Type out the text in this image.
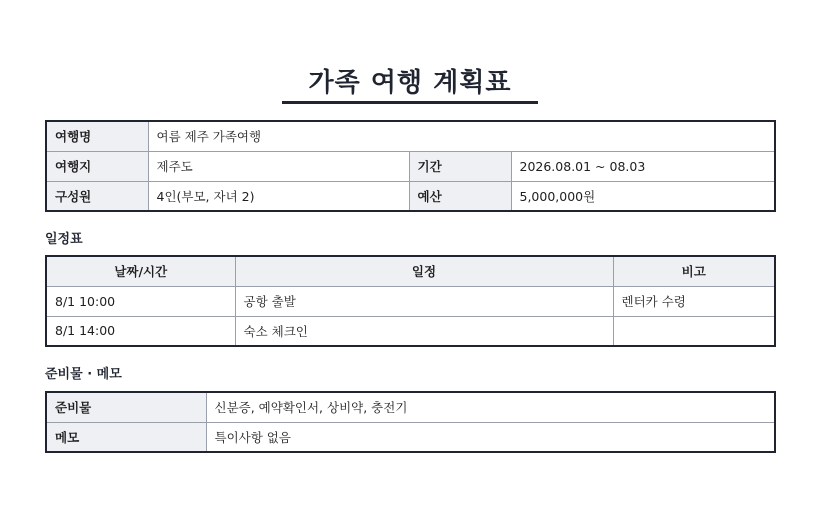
가족 여행 계획표
여행명	여름 제주 가족여행		
여행지	제주도	기간	2026.08.01 ~ 08.03
구성원	4인(부모, 자녀 2)	예산	5,000,000원
일정표
날짜/시간	일정	비고
8/1 10:00	공항 출발	렌터카 수령
8/1 14:00	숙소 체크인	
준비물 · 메모
준비물	신분증, 예약확인서, 상비약, 충전기
메모	특이사항 없음
